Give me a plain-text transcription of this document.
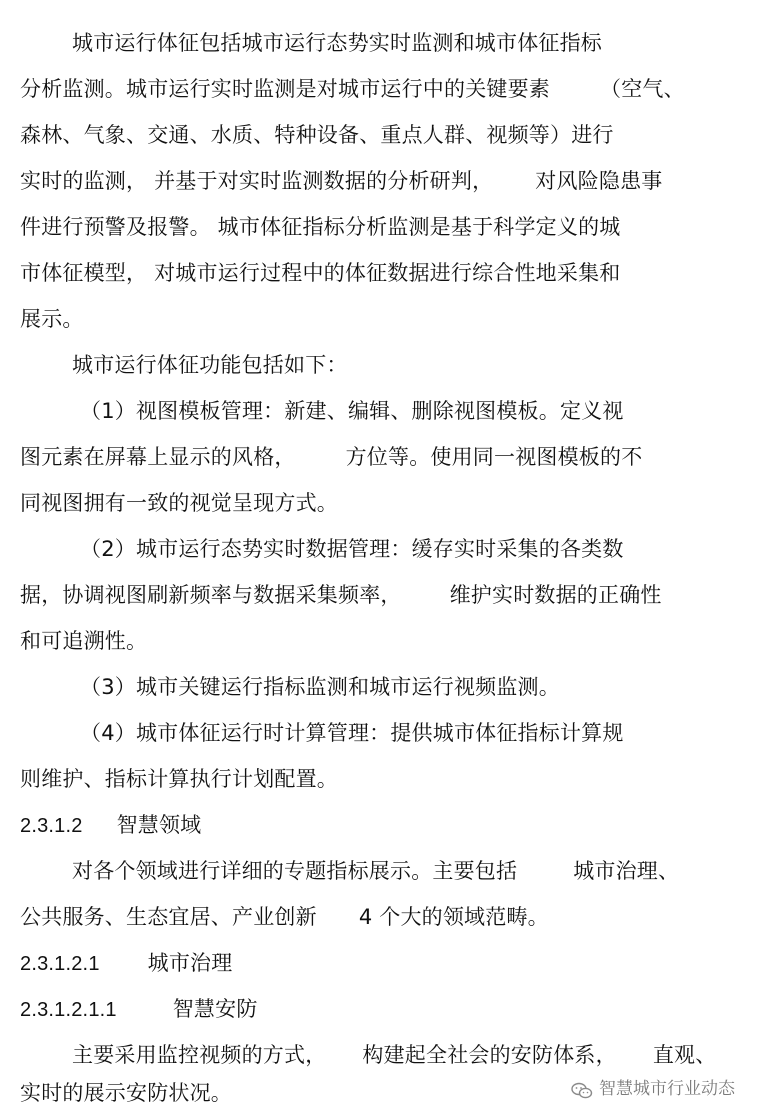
城市运行体征包括城市运行态势实时监测和城市体征指标
分析监测。城市运行实时监测是对城市运行中的关键要素 （空气、
森林、气象、交通、水质、特种设备、重点人群、视频等）进行
实时的监测， 并基于对实时监测数据的分析研判， 对风险隐患事
件进行预警及报警。 城市体征指标分析监测是基于科学定义的城
市体征模型， 对城市运行过程中的体征数据进行综合性地采集和
展示。
城市运行体征功能包括如下：
（1）视图模板管理：新建、编辑、删除视图模板。定义视
图元素在屏幕上显示的风格， 方位等。使用同一视图模板的不
同视图拥有一致的视觉呈现方式。
（2）城市运行态势实时数据管理：缓存实时采集的各类数
据，协调视图刷新频率与数据采集频率， 维护实时数据的正确性
和可追溯性。
（3）城市关键运行指标监测和城市运行视频监测。
（4）城市体征运行时计算管理：提供城市体征指标计算规
则维护、指标计算执行计划配置。
2.3.1.2 智慧领域
对各个领域进行详细的专题指标展示。主要包括	城市治理、
公共服务、生态宜居、产业创新 4 个大的领域范畴。
2.3.1.2.1 城市治理
2.3.1.2.1.1	智慧安防
主要采用监控视频的方式， 构建起全社会的安防体系， 直观、
实时的展示安防状况。	智慧城市行业动态
